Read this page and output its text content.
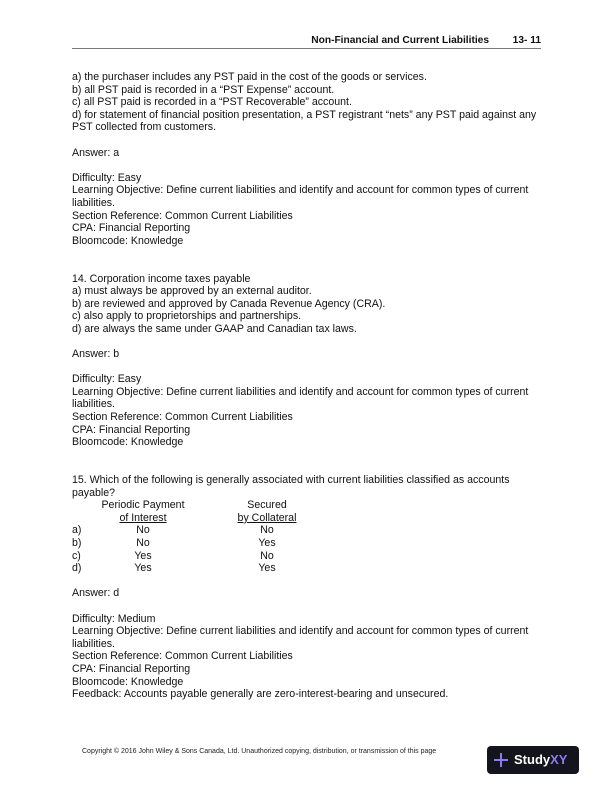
Non-Financial and Current Liabilities 13- 11
a) the purchaser includes any PST paid in the cost of the goods or services.
b) all PST paid is recorded in a “PST Expense” account.
c) all PST paid is recorded in a “PST Recoverable” account.
d) for statement of financial position presentation, a PST registrant “nets” any PST paid against any PST collected from customers.
Answer: a
Difficulty: Easy
Learning Objective: Define current liabilities and identify and account for common types of current liabilities.
Section Reference: Common Current Liabilities
CPA: Financial Reporting
Bloomcode: Knowledge
14. Corporation income taxes payable
a) must always be approved by an external auditor.
b) are reviewed and approved by Canada Revenue Agency (CRA).
c) also apply to proprietorships and partnerships.
d) are always the same under GAAP and Canadian tax laws.
Answer: b
Difficulty: Easy
Learning Objective: Define current liabilities and identify and account for common types of current liabilities.
Section Reference: Common Current Liabilities
CPA: Financial Reporting
Bloomcode: Knowledge
15. Which of the following is generally associated with current liabilities classified as accounts payable?
Periodic Payment	Secured
of Interest	by Collateral
a)	No	No
b)	No	Yes
c)	Yes	No
d)	Yes	Yes
Answer: d
Difficulty: Medium
Learning Objective: Define current liabilities and identify and account for common types of current liabilities.
Section Reference: Common Current Liabilities
CPA: Financial Reporting
Bloomcode: Knowledge
Feedback: Accounts payable generally are zero-interest-bearing and unsecured.
Copyright © 2016 John Wiley & Sons Canada, Ltd. Unauthorized copying, distribution, or transmission of this page
Study XY
